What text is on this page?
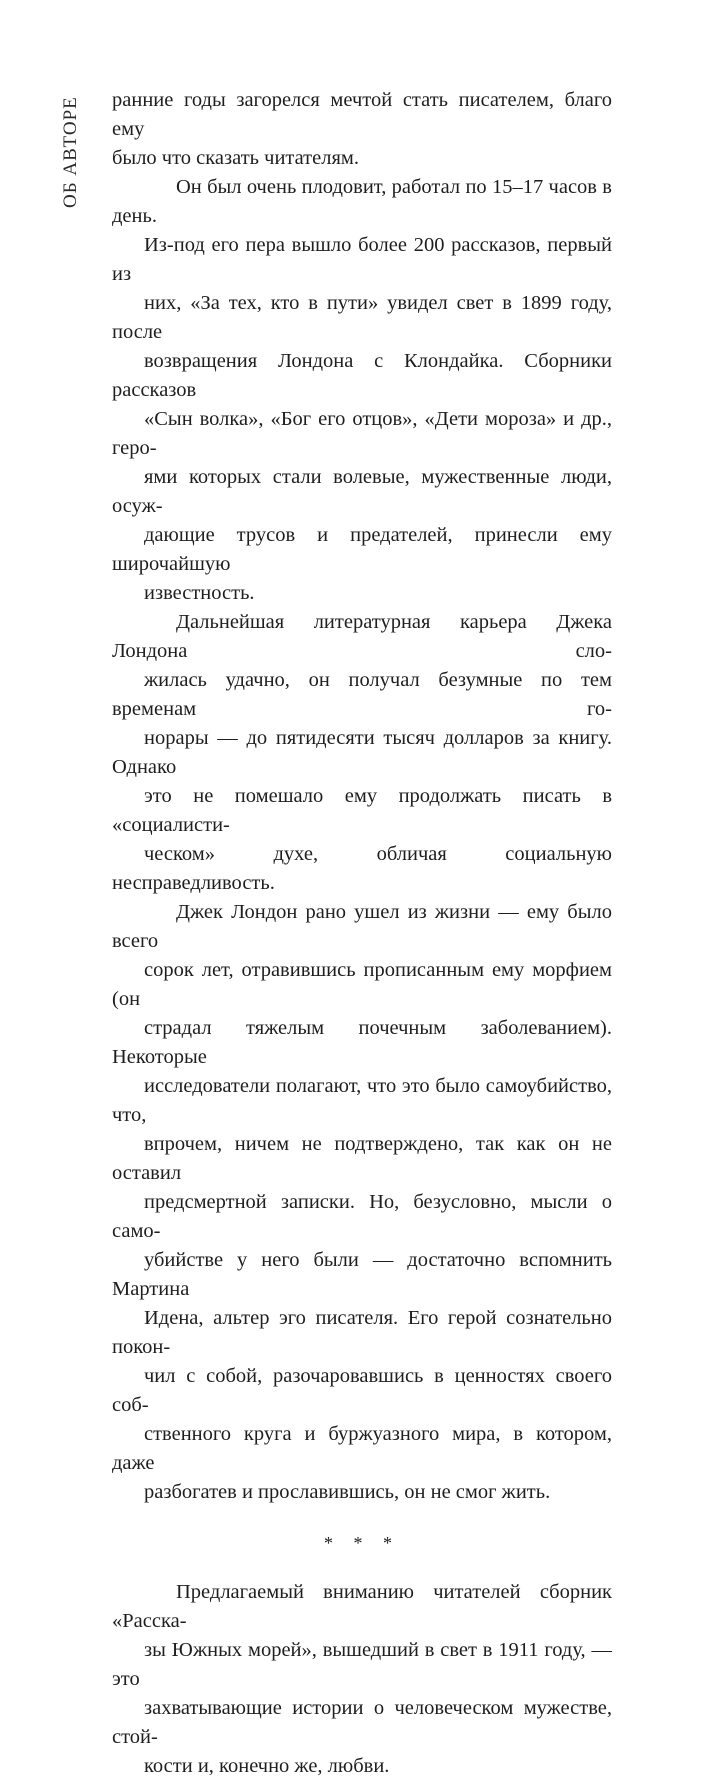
ОБ АВТОРЕ	ранние годы загорелся мечтой стать писателем, благо ему
было что сказать читателям.

Он был очень плодовит, работал по 15–17 часов в день.
Из-под его пера вышло более 200 рассказов, первый из
них, «За тех, кто в пути» увидел свет в 1899 году, после
возвращения Лондона с Клондайка. Сборники рассказов
«Сын волка», «Бог его отцов», «Дети мороза» и др., геро-
ями которых стали волевые, мужественные люди, осуж-
дающие трусов и предателей, принесли ему широчайшую
известность.

Дальнейшая литературная карьера Джека Лондона сло-
жилась удачно, он получал безумные по тем временам го-
норары — до пятидесяти тысяч долларов за книгу. Однако
это не помешало ему продолжать писать в «социалисти-
ческом» духе, обличая социальную несправедливость.

Джек Лондон рано ушел из жизни — ему было всего
сорок лет, отравившись прописанным ему морфием (он
страдал тяжелым почечным заболеванием). Некоторые
исследователи полагают, что это было самоубийство, что,
впрочем, ничем не подтверждено, так как он не оставил
предсмертной записки. Но, безусловно, мысли о само-
убийстве у него были — достаточно вспомнить Мартина
Идена, альтер эго писателя. Его герой сознательно покон-
чил с собой, разочаровавшись в ценностях своего соб-
ственного круга и буржуазного мира, в котором, даже
разбогатев и прославившись, он не смог жить.

* * *

Предлагаемый вниманию читателей сборник «Расска-
зы Южных морей», вышедший в свет в 1911 году, — это
захватывающие истории о человеческом мужестве, стой-
кости и, конечно же, любви.
